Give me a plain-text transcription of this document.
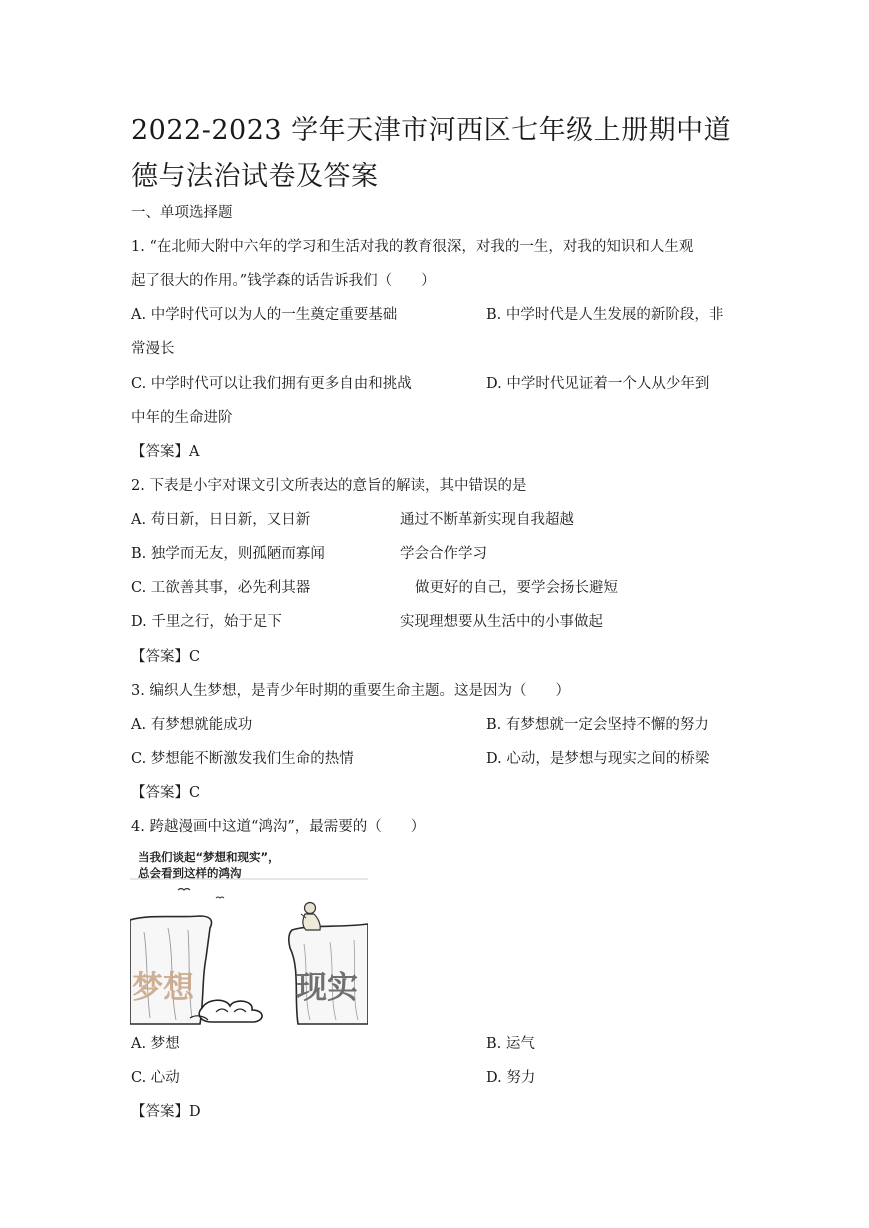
2022-2023 学年天津市河西区七年级上册期中道德与法治试卷及答案
一、单项选择题
1. “在北师大附中六年的学习和生活对我的教育很深，对我的一生，对我的知识和人生观
起了很大的作用。”钱学森的话告诉我们（　　）
A. 中学时代可以为人的一生奠定重要基础	B. 中学时代是人生发展的新阶段，非
常漫长
C. 中学时代可以让我们拥有更多自由和挑战	D. 中学时代见证着一个人从少年到
中年的生命进阶
【答案】A
2. 下表是小宇对课文引文所表达的意旨的解读，其中错误的是
A. 苟日新，日日新，又日新	通过不断革新实现自我超越
B. 独学而无友，则孤陋而寡闻	学会合作学习
C. 工欲善其事，必先利其器	做更好的自己，要学会扬长避短
D. 千里之行，始于足下	实现理想要从生活中的小事做起
【答案】C
3. 编织人生梦想，是青少年时期的重要生命主题。这是因为（　　）
A. 有梦想就能成功	B. 有梦想就一定会坚持不懈的努力
C. 梦想能不断激发我们生命的热情	D. 心动，是梦想与现实之间的桥梁
【答案】C
4. 跨越漫画中这道“鸿沟”，最需要的（　　）
当我们谈起“梦想和现实”，
总会看到这样的鸿沟
梦想	现实
A. 梦想	B. 运气
C. 心动	D. 努力
【答案】D
